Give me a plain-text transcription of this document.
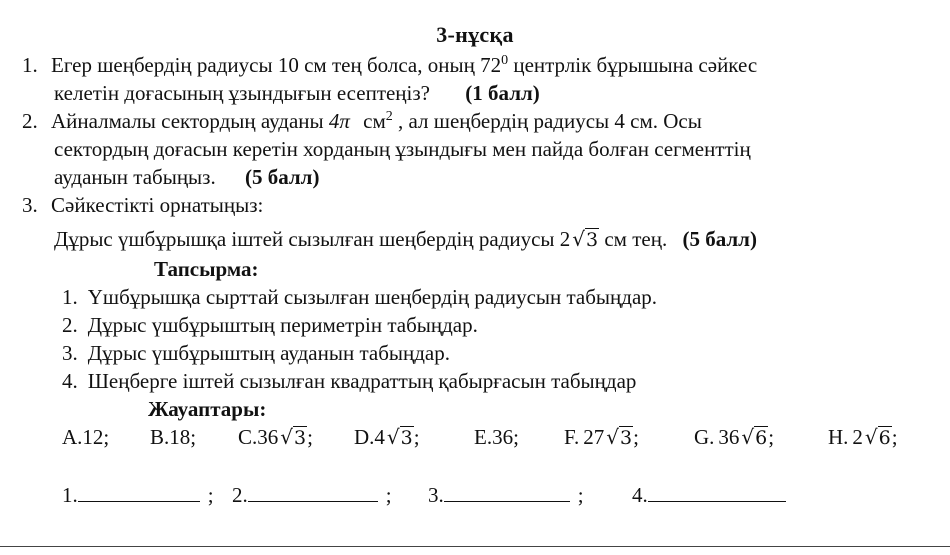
3-нұсқа
1. Егер шеңбердің радиусы 10 см тең болса, оның $72^0$ центрлік бұрышына сәйкес
келетін доғасының ұзындығын есептеңіз? (1 балл)
2. Айналмалы сектордың ауданы 4π $см^2$ , ал шеңбердің радиусы 4 см. Осы
сектордың доғасын керетін хорданың ұзындығы мен пайда болған сегменттің
ауданын табыңыз. (5 балл)
3. Сәйкестікті орнатыңыз:
Дұрыс үшбұрышқа іштей сызылған шеңбердің радиусы 2 √3 см тең. (5 балл)
Тапсырма:
1. Үшбұрышқа сырттай сызылған шеңбердің радиусын табыңдар.
2. Дұрыс үшбұрыштың периметрін табыңдар.
3. Дұрыс үшбұрыштың ауданын табыңдар.
4. Шеңберге іштей сызылған квадраттың қабырғасын табыңдар
Жауаптары:
A.12; B.18; C.36 √3; D.4 √3;	E.36; F. 27 √3;	G. 36 √6;	H. 2 √6;
1.	; 2.	; 3.	; 4.
